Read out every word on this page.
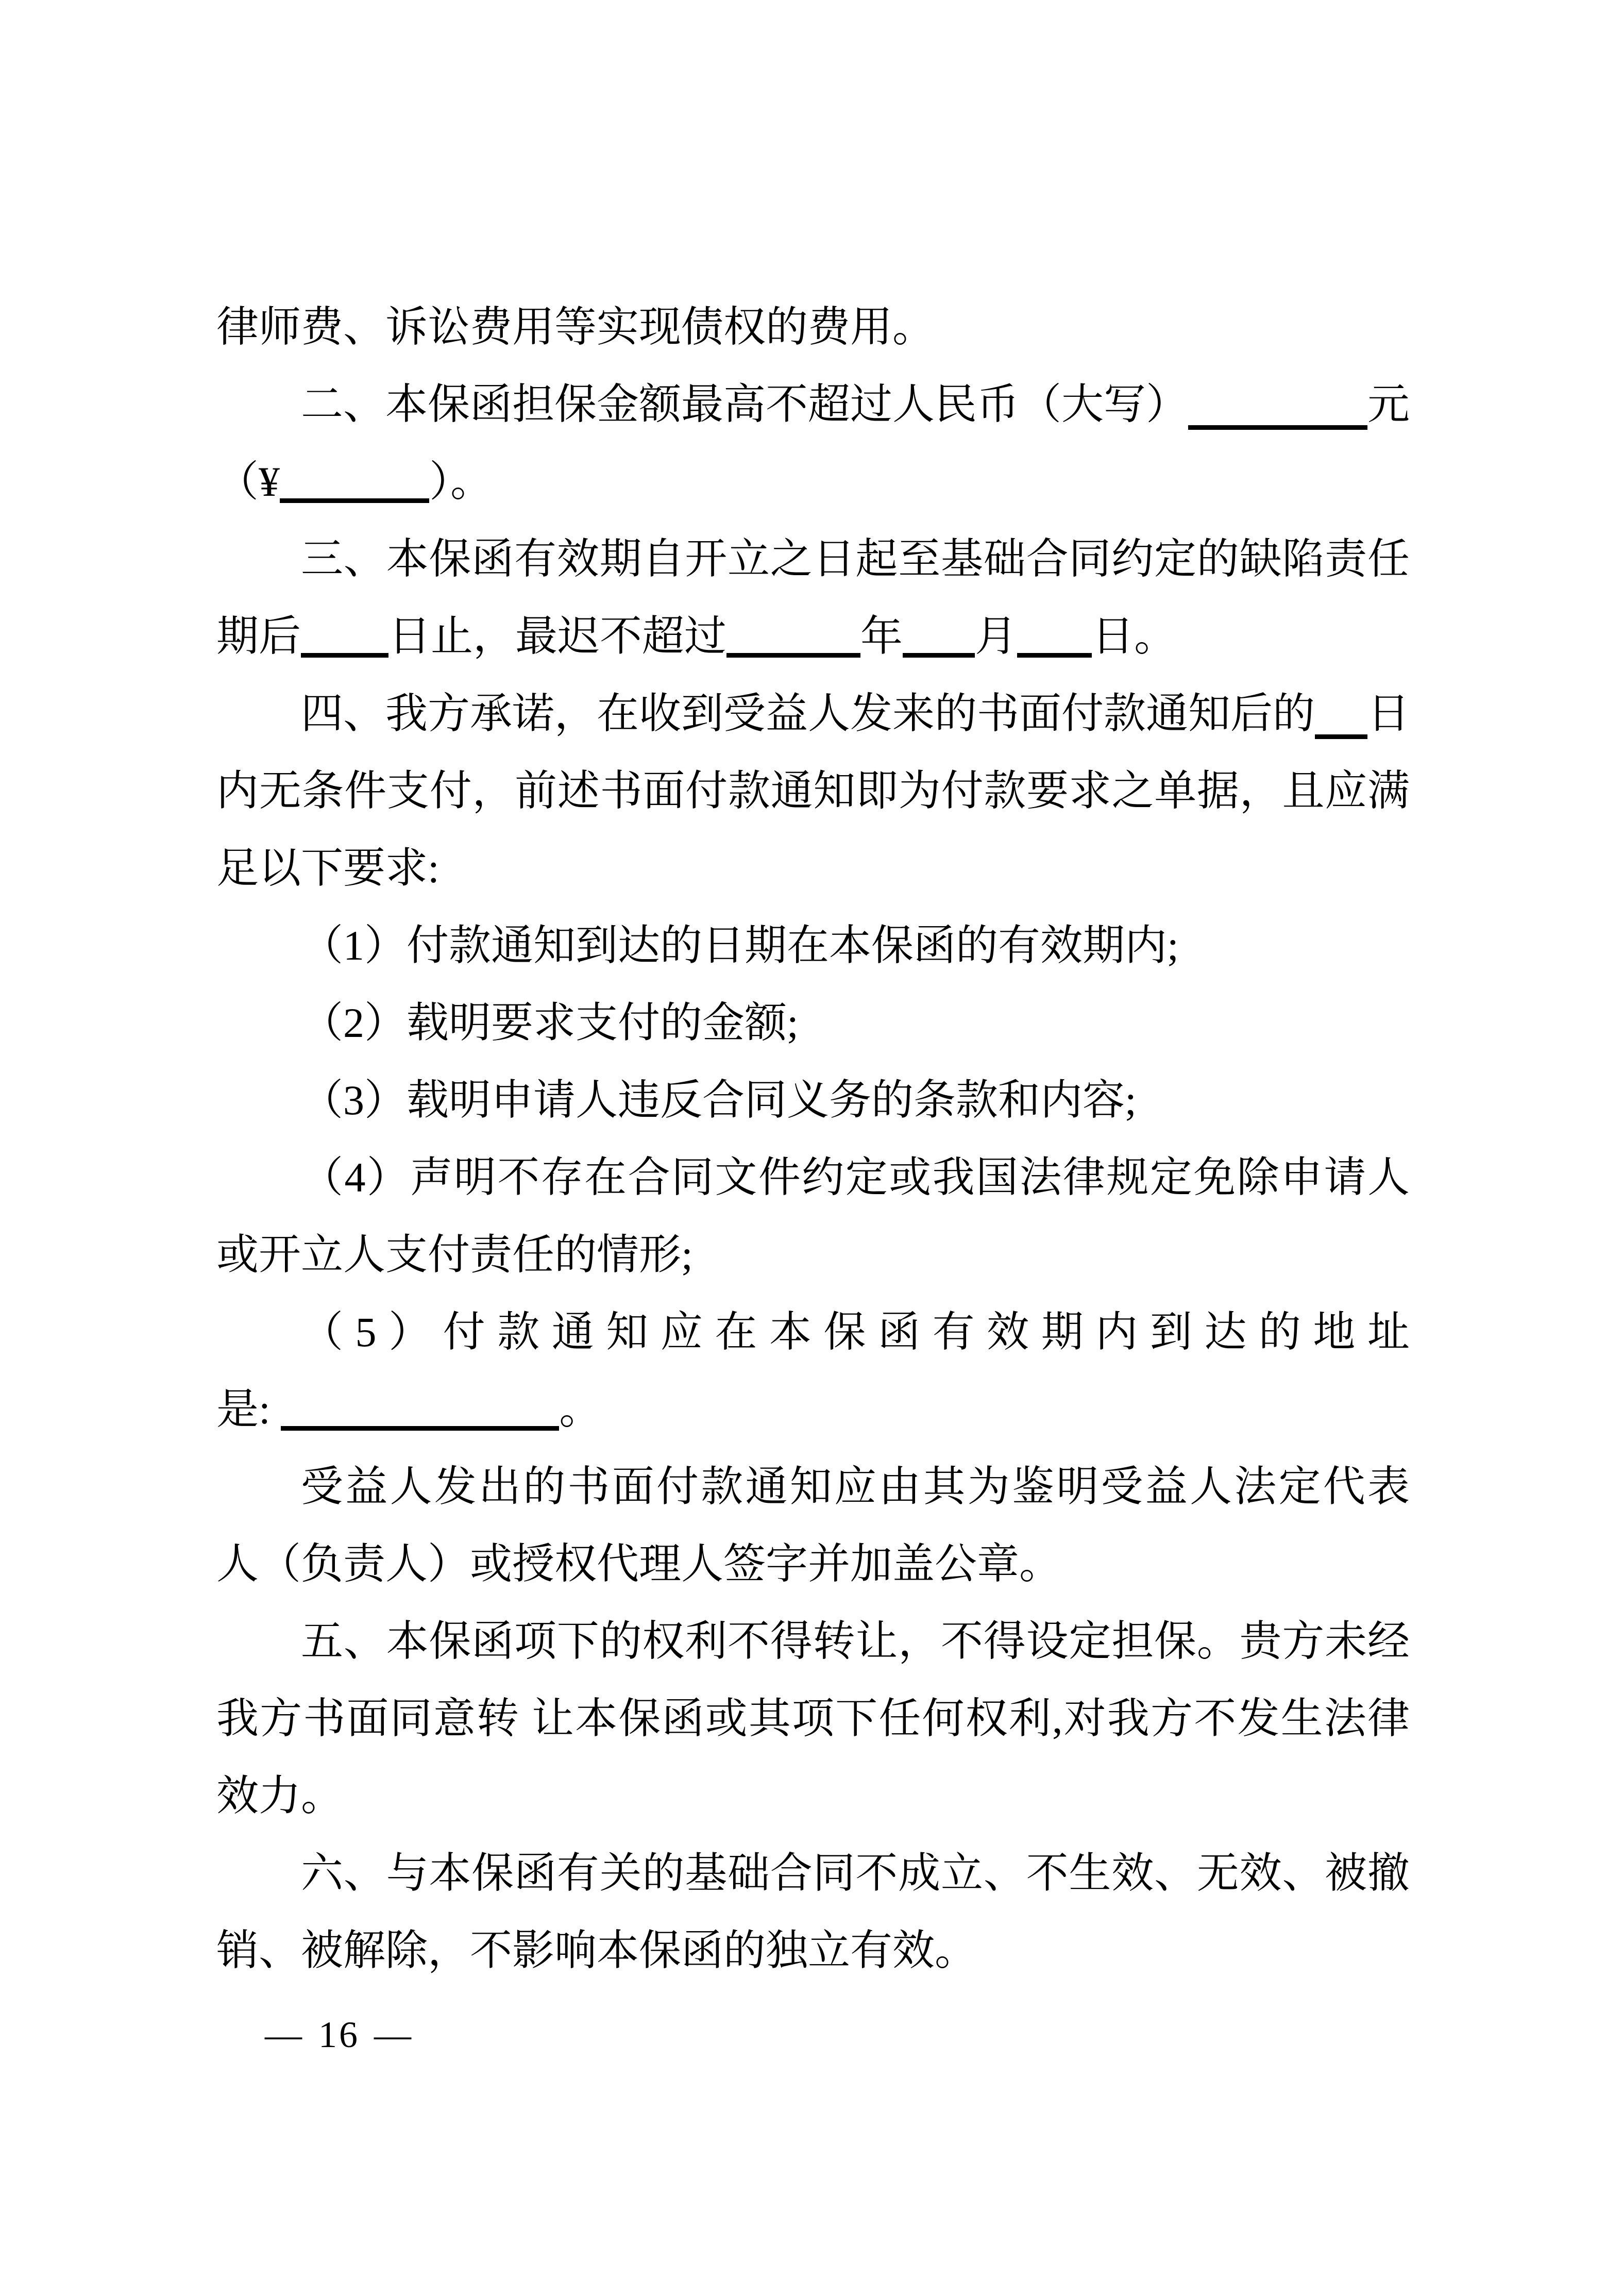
律师费、诉讼费用等实现债权的费用。
二、本保函担保金额最高不超过人民币（大写）	元
（¥	）。
三、本保函有效期自开立之日起至基础合同约定的缺陷责任
期后 日止，最迟不超过	年 月 日。
四、我方承诺，在收到受益人发来的书面付款通知后的 日
内无条件支付，前述书面付款通知即为付款要求之单据，且应满
足以下要求:
（1）付款通知到达的日期在本保函的有效期内;
（2）载明要求支付的金额;
（3）载明申请人违反合同义务的条款和内容;
（4）声明不存在合同文件约定或我国法律规定免除申请人
或开立人支付责任的情形;
（5）付款通知应在本保函有效期内到达的地址
是:	。
受益人发出的书面付款通知应由其为鉴明受益人法定代表
人（负责人）或授权代理人签字并加盖公章。
五、本保函项下的权利不得转让，不得设定担保。贵方未经
我方书面同意转 让本保函或其项下任何权利,对我方不发生法律
效力。
六、与本保函有关的基础合同不成立、不生效、无效、被撤
销、被解除，不影响本保函的独立有效。
— 16 —
